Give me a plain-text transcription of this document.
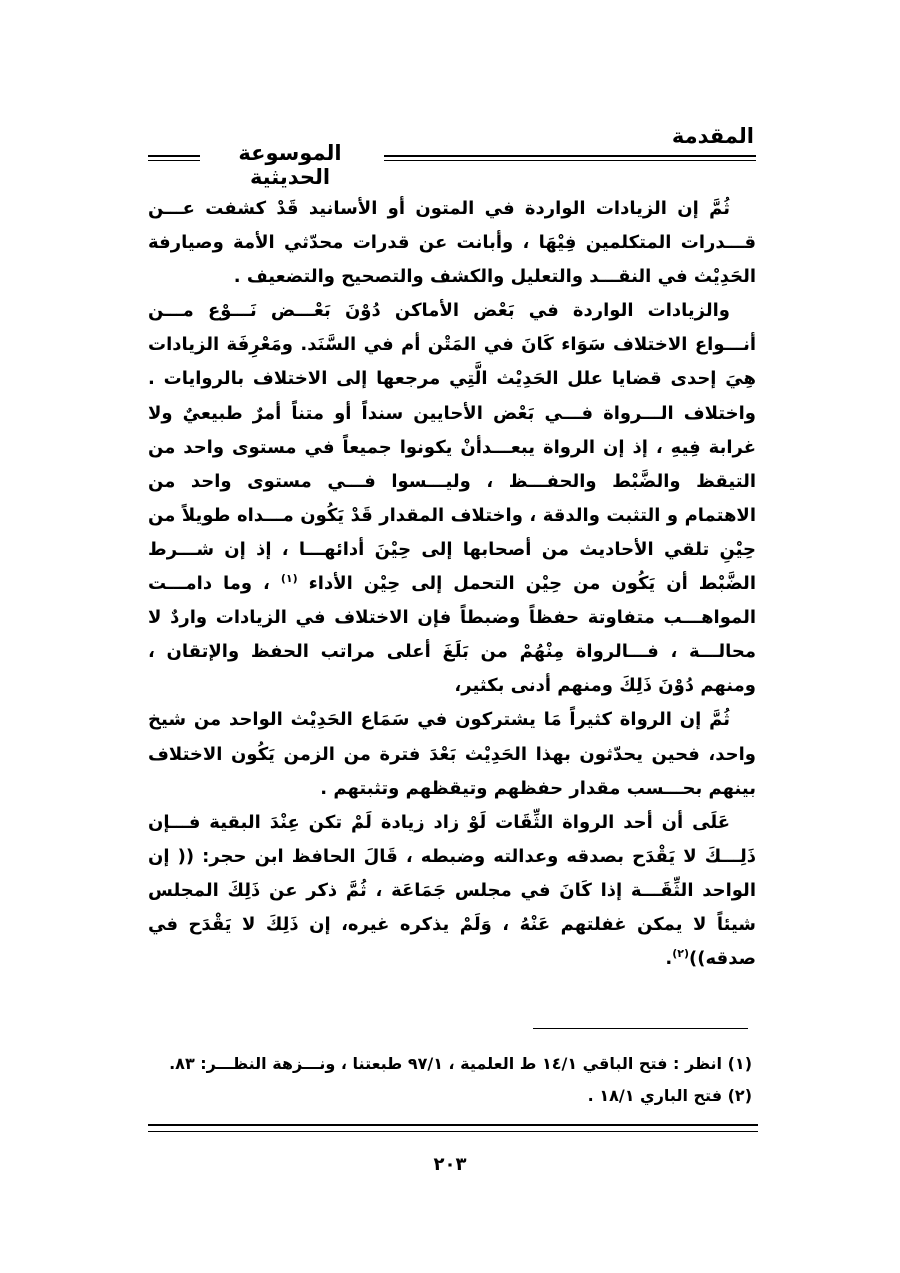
المقدمة
الموسوعة الحديثية

ثُمَّ إن الزيادات الواردة في المتون أو الأسانيد قَدْ كشفت عـــن قـــدرات المتكلمين فِيْهَا ، وأبانت عن قدرات محدّثي الأمة وصيارفة الحَدِيْث في النقـــد والتعليل والكشف والتصحيح والتضعيف .

والزيادات الواردة في بَعْض الأماكن دُوْنَ بَعْـــض نَـــوْع مـــن أنـــواع الاختلاف سَوَاء كَانَ في المَتْن أم في السَّنَد. ومَعْرِفَة الزيادات هِيَ إحدى قضايا علل الحَدِيْث الَّتِي مرجعها إلى الاختلاف بالروايات . واختلاف الـــرواة فـــي بَعْض الأحايين سنداً أو متناً أمرٌ طبيعيٌ ولا غرابة فِيهِ ، إذ إن الرواة يبعـــدأنْ يكونوا جميعاً في مستوى واحد من التيقظ والضَّبْط والحفـــظ ، وليـــسوا فـــي مستوى واحد من الاهتمام و التثبت والدقة ، واختلاف المقدار قَدْ يَكُون مـــداه طويلاً من حِيْنِ تلقي الأحاديث من أصحابها إلى حِيْنَ أدائهـــا ، إذ إن شـــرط الضَّبْط أن يَكُون من حِيْن التحمل إلى حِيْن الأداء $^{(١)}$ ، وما دامـــت المواهـــب متفاوتة حفظاً وضبطاً فإن الاختلاف في الزيادات واردٌ لا محالـــة ، فـــالرواة مِنْهُمْ من بَلَغَ أعلى مراتب الحفظ والإتقان ، ومنهم دُوْنَ ذَلِكَ ومنهم أدنى بكثير،

ثُمَّ إن الرواة كثيراً مَا يشتركون في سَمَاع الحَدِيْث الواحد من شيخ واحد، فحين يحدّثون بهذا الحَدِيْث بَعْدَ فترة من الزمن يَكُون الاختلاف بينهم بحـــسب مقدار حفظهم وتيقظهم وتثبتهم .

عَلَى أن أحد الرواة الثِّقَات لَوْ زاد زيادة لَمْ تكن عِنْدَ البقية فـــإن ذَلِـــكَ لا يَقْدَح بصدقه وعدالته وضبطه ، قَالَ الحافظ ابن حجر: (( إن الواحد الثِّقَـــة إذا كَانَ في مجلس جَمَاعَة ، ثُمَّ ذكر عن ذَلِكَ المجلس شيئاً لا يمكن غفلتهم عَنْهُ ، وَلَمْ يذكره غيره، إن ذَلِكَ لا يَقْدَح في صدقه))$^{(٢)}$.

(١) انظر : فتح الباقي ١٤/١ ط العلمية ، ٩٧/١ طبعتنا ، ونـــزهة النظـــر: ٨٣.

(٢) فتح الباري ١٨/١ .

٢٠٣
